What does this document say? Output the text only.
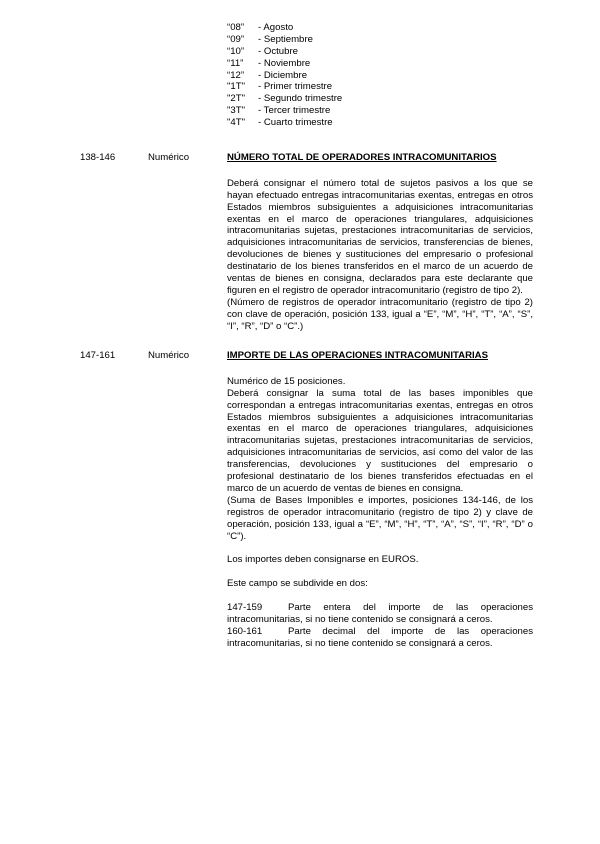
“08”	- Agosto
“09”	- Septiembre
“10”	- Octubre
“11”	- Noviembre
“12”	- Diciembre
"1T"	- Primer trimestre
"2T"	- Segundo trimestre
"3T"	- Tercer trimestre
"4T"	- Cuarto trimestre
138-146	Numérico	NÚMERO TOTAL DE OPERADORES INTRACOMUNITARIOS

Deberá consignar el número total de sujetos pasivos a los que se hayan efectuado entregas intracomunitarias exentas, entregas en otros Estados miembros subsiguientes a adquisiciones intracomunitarias exentas en el marco de operaciones triangulares, adquisiciones intracomunitarias sujetas, prestaciones intracomunitarias de servicios, adquisiciones intracomunitarias de servicios, transferencias de bienes, devoluciones de bienes y sustituciones del empresario o profesional destinatario de los bienes transferidos en el marco de un acuerdo de ventas de bienes en consigna, declarados para este declarante que figuren en el registro de operador intracomunitario (registro de tipo 2).

(Número de registros de operador intracomunitario (registro de tipo 2) con clave de operación, posición 133, igual a “E”, “M”, “H”, “T”, “A”, “S”, “I”, “R”, “D” o “C”.)

147-161	Numérico	IMPORTE DE LAS OPERACIONES INTRACOMUNITARIAS

Numérico de 15 posiciones.

Deberá consignar la suma total de las bases imponibles que correspondan a entregas intracomunitarias exentas, entregas en otros Estados miembros subsiguientes a adquisiciones intracomunitarias exentas en el marco de operaciones triangulares, adquisiciones intracomunitarias sujetas, prestaciones intracomunitarias de servicios, adquisiciones intracomunitarias de servicios, así como del valor de las transferencias, devoluciones y sustituciones del empresario o profesional destinatario de los bienes transferidos efectuadas en el marco de un acuerdo de ventas de bienes en consigna.

(Suma de Bases Imponibles e importes, posiciones 134-146, de los registros de operador intracomunitario (registro de tipo 2) y clave de operación, posición 133, igual a “E”, “M”, “H”, “T”, “A”, “S”, “I”, “R”, “D” o “C”).

Los importes deben consignarse en EUROS.

Este campo se subdivide en dos:

147-159	Parte entera del importe de las operaciones intracomunitarias, si no tiene contenido se consignará a ceros.

160-161	Parte decimal del importe de las operaciones intracomunitarias, si no tiene contenido se consignará a ceros.
